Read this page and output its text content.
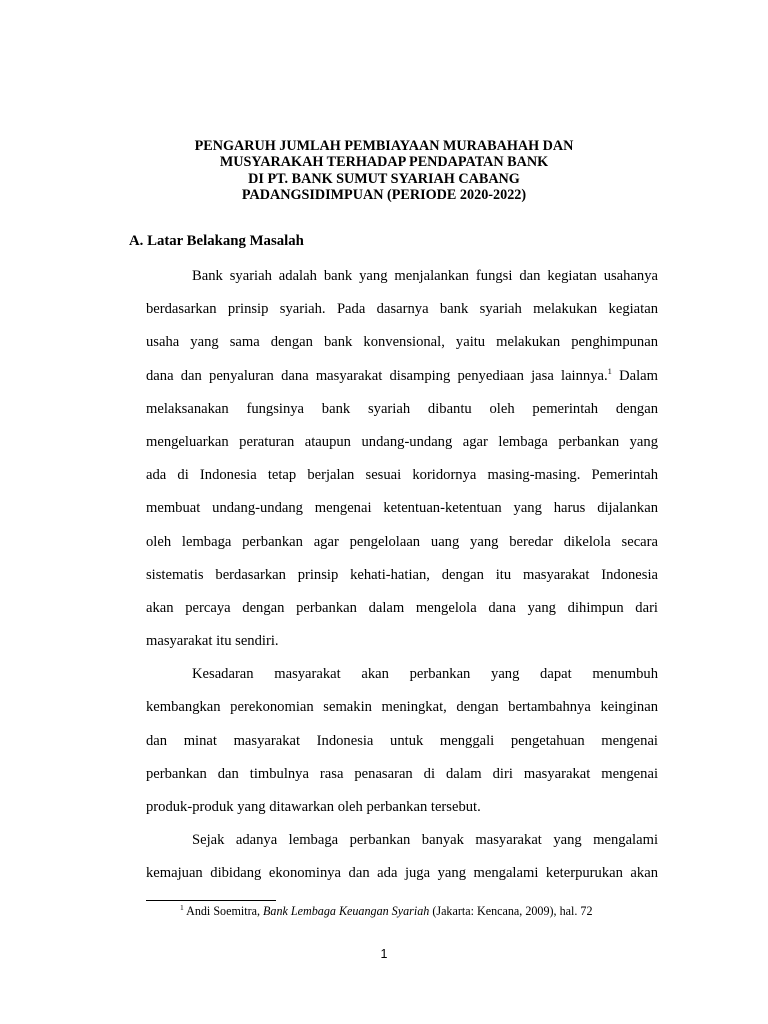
PENGARUH JUMLAH PEMBIAYAAN MURABAHAH DAN
MUSYARAKAH TERHADAP PENDAPATAN BANK
DI PT. BANK SUMUT SYARIAH CABANG
PADANGSIDIMPUAN (PERIODE 2020-2022)
A. Latar Belakang Masalah
Bank syariah adalah bank yang menjalankan fungsi dan kegiatan usahanya
berdasarkan prinsip syariah. Pada dasarnya bank syariah melakukan kegiatan
usaha yang sama dengan bank konvensional, yaitu melakukan penghimpunan
dana dan penyaluran dana masyarakat disamping penyediaan jasa lainnya.$^1$ Dalam
melaksanakan fungsinya bank syariah dibantu oleh pemerintah dengan
mengeluarkan peraturan ataupun undang-undang agar lembaga perbankan yang
ada di Indonesia tetap berjalan sesuai koridornya masing-masing. Pemerintah
membuat undang-undang mengenai ketentuan-ketentuan yang harus dijalankan
oleh lembaga perbankan agar pengelolaan uang yang beredar dikelola secara
sistematis berdasarkan prinsip kehati-hatian, dengan itu masyarakat Indonesia
akan percaya dengan perbankan dalam mengelola dana yang dihimpun dari
masyarakat itu sendiri.
Kesadaran masyarakat akan perbankan yang dapat menumbuh
kembangkan perekonomian semakin meningkat, dengan bertambahnya keinginan
dan minat masyarakat Indonesia untuk menggali pengetahuan mengenai
perbankan dan timbulnya rasa penasaran di dalam diri masyarakat mengenai
produk-produk yang ditawarkan oleh perbankan tersebut.
Sejak adanya lembaga perbankan banyak masyarakat yang mengalami
kemajuan dibidang ekonominya dan ada juga yang mengalami keterpurukan akan
$^1$ Andi Soemitra, Bank Lembaga Keuangan Syariah (Jakarta: Kencana, 2009), hal. 72
1
